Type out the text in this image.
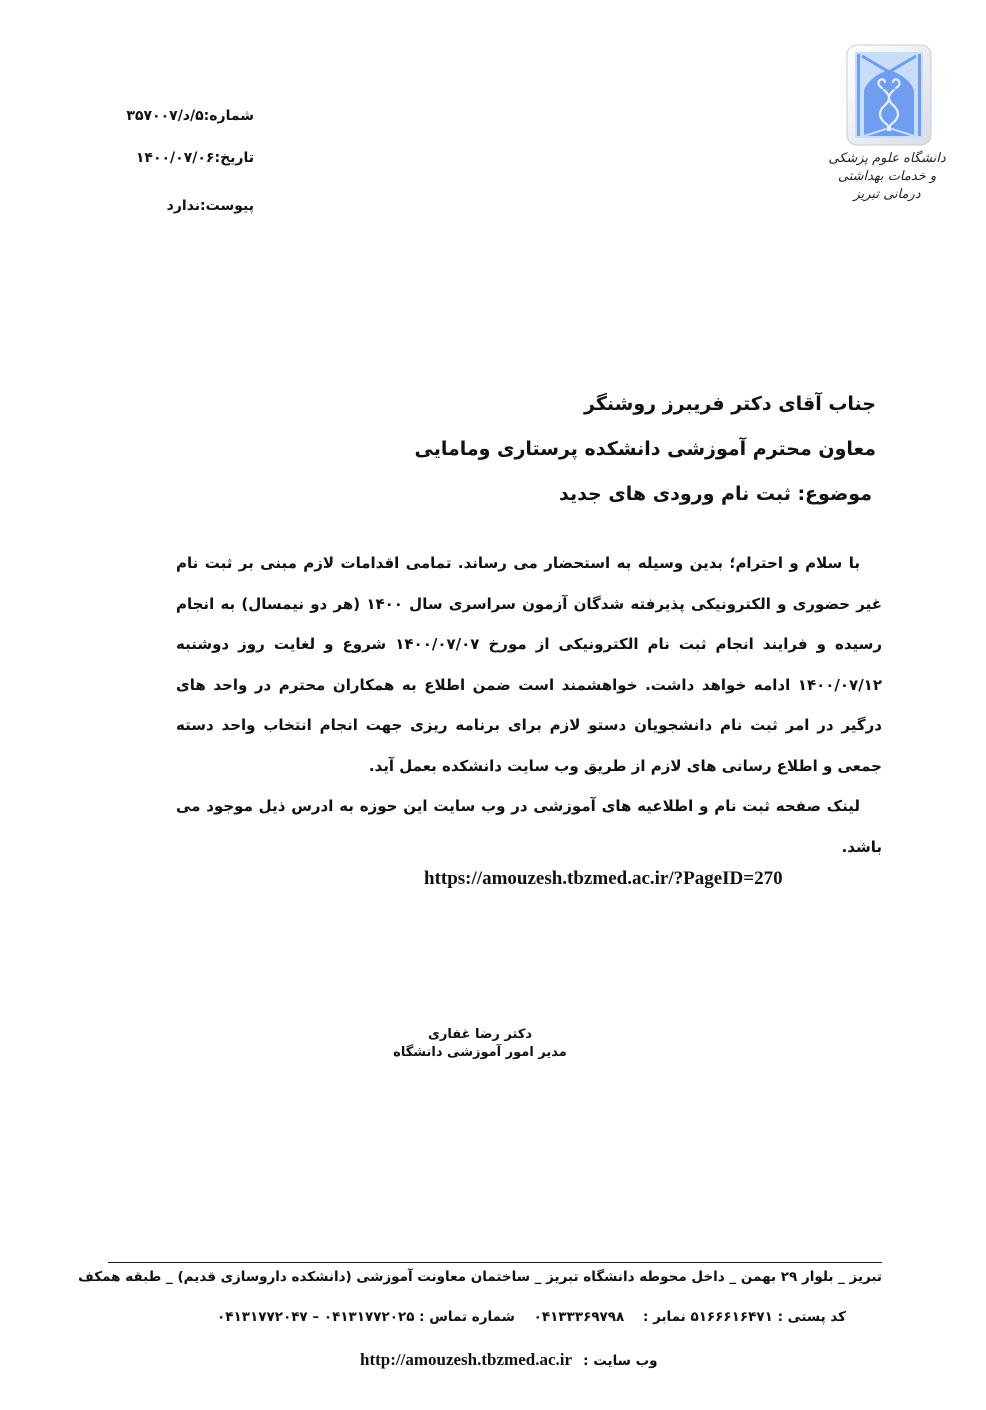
دانشگاه علوم پزشکی
و خدمات بهداشتی درمانی تبریز
شماره:۵/د/۳۵۷۰۰۷
تاریخ:۱۴۰۰/۰۷/۰۶
پیوست:ندارد
جناب آقای دکتر فریبرز روشنگر
معاون محترم آموزشی دانشکده پرستاری ومامایی
موضوع: ثبت نام ورودی های جدید

با سلام و احترام؛ بدین وسیله به استحضار می رساند. تمامی اقدامات لازم مبنی بر ثبت نام غیر حضوری و الکترونیکی پذیرفته شدگان آزمون سراسری سال ۱۴۰۰ (هر دو نیمسال) به انجام رسیده و فرایند انجام ثبت نام الکترونیکی از مورخ ۱۴۰۰/۰۷/۰۷ شروع و لغایت روز دوشنبه ۱۴۰۰/۰۷/۱۲ ادامه خواهد داشت. خواهشمند است ضمن اطلاع به همکاران محترم در واحد های درگیر در امر ثبت نام دانشجویان دستو لازم برای برنامه ریزی جهت انجام انتخاب واحد دسته جمعی و اطلاع رسانی های لازم از طریق وب سایت دانشکده بعمل آید.

لینک صفحه ثبت نام و اطلاعیه های آموزشی در وب سایت این حوزه به ادرس ذیل موجود می باشد.

https://amouzesh.tbzmed.ac.ir/?PageID=270
دکتر رضا غفاری
مدیر امور آموزشی دانشگاه
تبریز _ بلوار ۲۹ بهمن _ داخل محوطه دانشگاه تبریز _ ساختمان معاونت آموزشی (دانشکده داروسازی قدیم) _ طبقه همکف
کد پستی : ۵۱۶۶۶۱۶۴۷۱ نمابر : ۰۴۱۳۳۳۶۹۷۹۸ شماره تماس : ۰۴۱۳۱۷۷۲۰۲۵ – ۰۴۱۳۱۷۷۲۰۴۷
http://amouzesh.tbzmed.ac.ir وب سایت :
